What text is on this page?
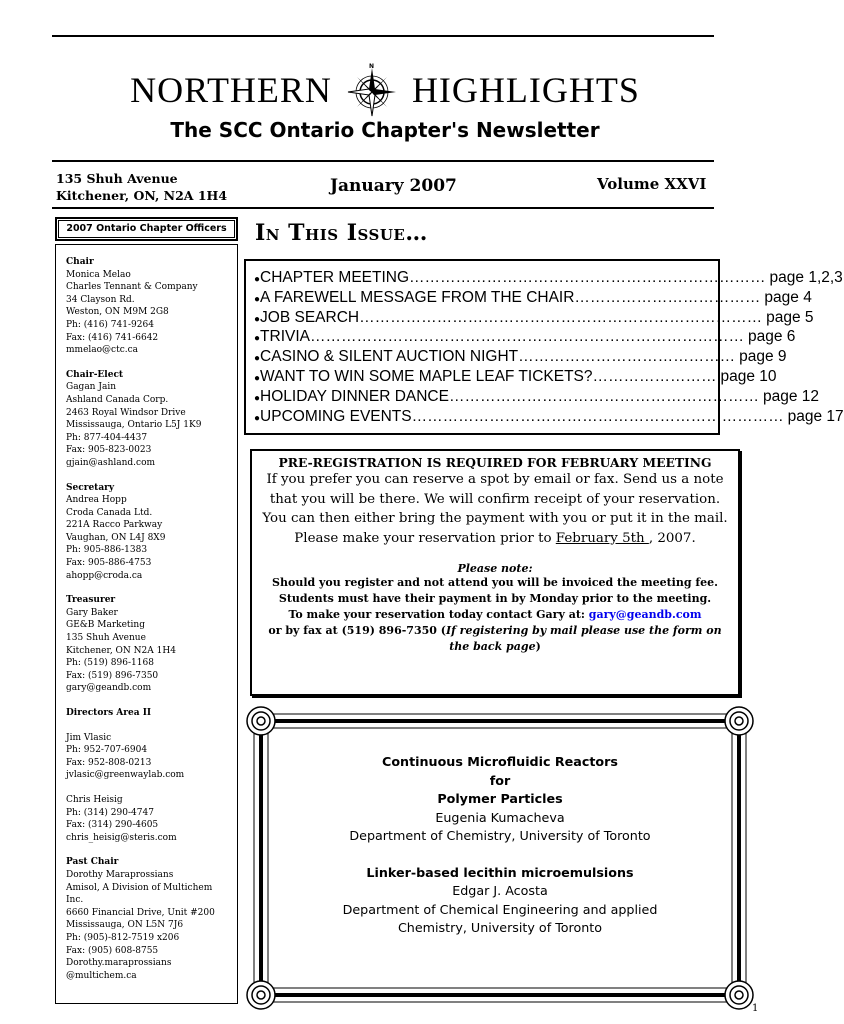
NORTHERN
N
HIGHLIGHTS
The SCC Ontario Chapter's Newsletter
135 Shuh Avenue
Kitchener, ON, N2A 1H4	January 2007	Volume XXVI
2007 Ontario Chapter Officers
Chair
Monica Melao
Charles Tennant & Company
34 Clayson Rd.
Weston, ON M9M 2G8
Ph: (416) 741-9264
Fax: (416) 741-6642
mmelao@ctc.ca
Chair-Elect
Gagan Jain
Ashland Canada Corp.
2463 Royal Windsor Drive
Mississauga, Ontario L5J 1K9
Ph: 877-404-4437
Fax: 905-823-0023
gjain@ashland.com
Secretary
Andrea Hopp
Croda Canada Ltd.
221A Racco Parkway
Vaughan, ON L4J 8X9
Ph: 905-886-1383
Fax: 905-886-4753
ahopp@croda.ca
Treasurer
Gary Baker
GE&B Marketing
135 Shuh Avenue
Kitchener, ON N2A 1H4
Ph: (519) 896-1168
Fax: (519) 896-7350
gary@geandb.com
Directors Area II
Jim Vlasic
Ph: 952-707-6904
Fax: 952-808-0213
jvlasic@greenwaylab.com
Chris Heisig
Ph: (314) 290-4747
Fax: (314) 290-4605
chris_heisig@steris.com
Past Chair
Dorothy Maraprossians
Amisol, A Division of Multichem
Inc.
6660 Financial Drive, Unit #200
Mississauga, ON L5N 7J6
Ph: (905)-812-7519 x206
Fax: (905) 608-8755
Dorothy.maraprossians
@multichem.ca
In This Issue…
● CHAPTER MEETING…………………………………………………………… page 1,2,3
● A FAREWELL MESSAGE FROM THE CHAIR……………………………… page 4
● JOB SEARCH…………………………………………………………………… page 5
● TRIVIA………………………………………………………………………… page 6
● CASINO & SILENT AUCTION NIGHT…………………………………… page 9
● WANT TO WIN SOME MAPLE LEAF TICKETS?…………………… page 10
● HOLIDAY DINNER DANCE…………………………………………………… page 12
● UPCOMING EVENTS……………………………………………………………… page 17
PRE-REGISTRATION IS REQUIRED FOR FEBRUARY MEETING
If you prefer you can reserve a spot by email or fax. Send us a note that you will be there. We will confirm receipt of your reservation. You can then either bring the payment with you or put it in the mail.
Please make your reservation prior to February 5th , 2007.
Please note:
Should you register and not attend you will be invoiced the meeting fee.
Students must have their payment in by Monday prior to the meeting.
To make your reservation today contact Gary at: gary@geandb.com
or by fax at (519) 896-7350 (If registering by mail please use the form on the back page)
Continuous Microfluidic Reactors
for
Polymer Particles
Eugenia Kumacheva
Department of Chemistry, University of Toronto
Linker-based lecithin microemulsions
Edgar J. Acosta
Department of Chemical Engineering and applied
Chemistry, University of Toronto
1
